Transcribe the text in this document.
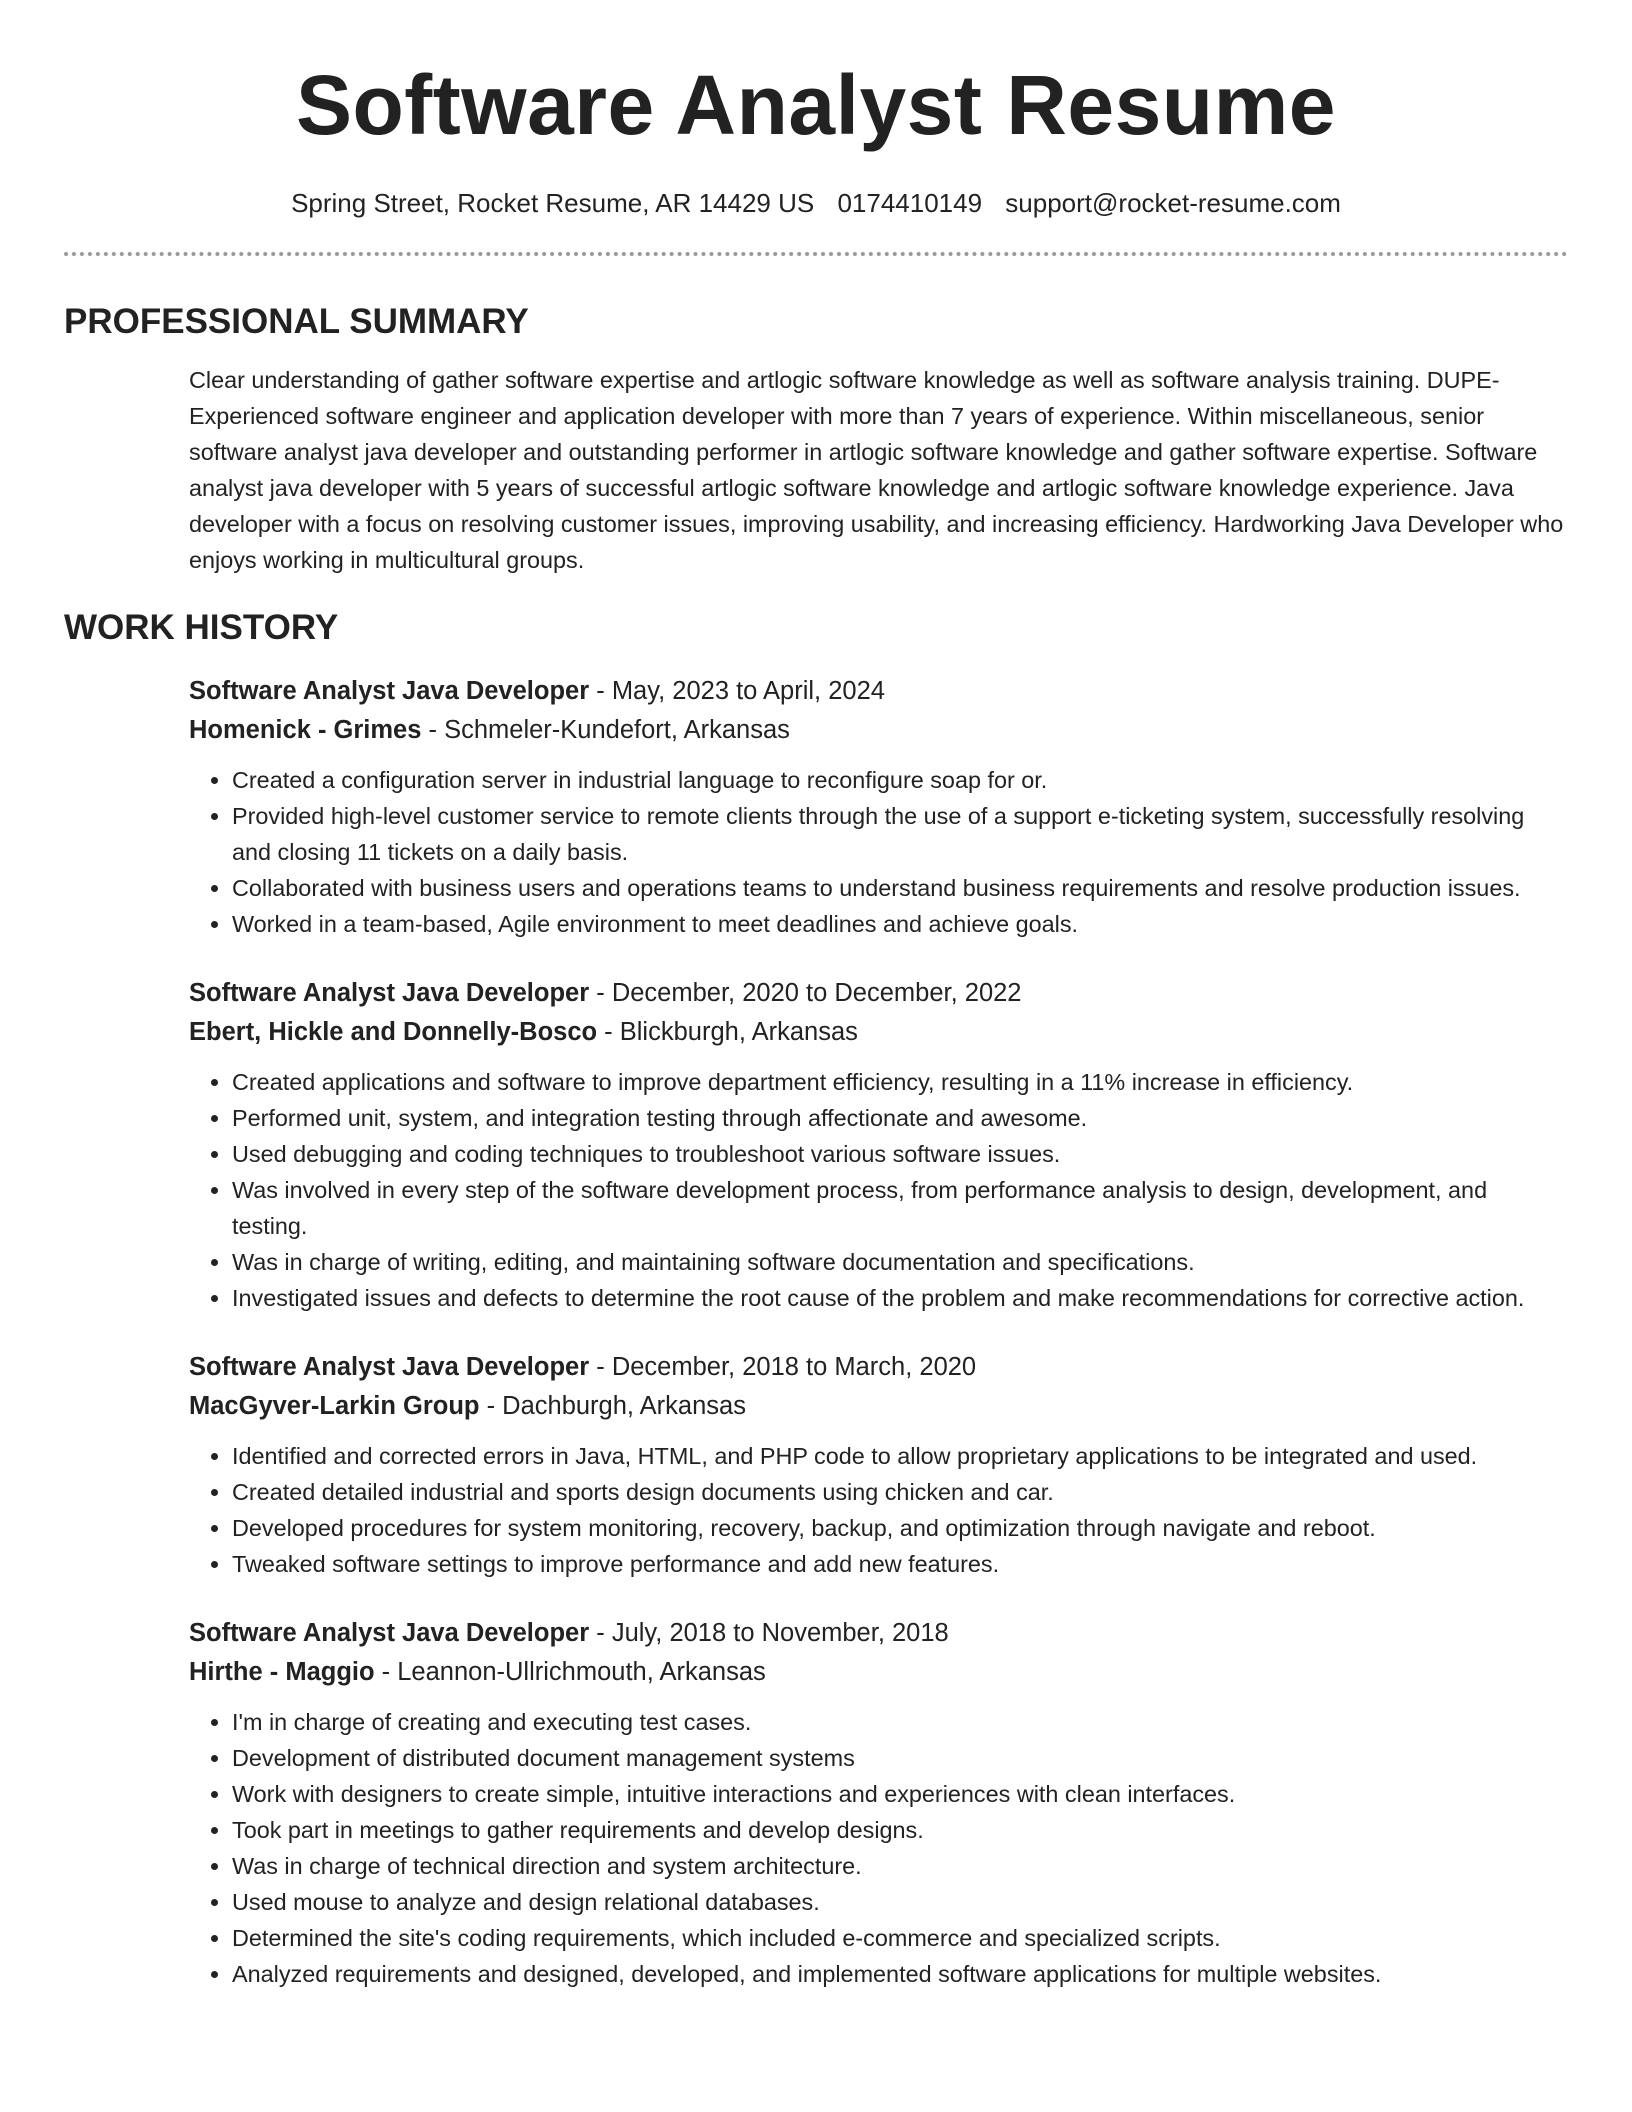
Software Analyst Resume
Spring Street, Rocket Resume, AR 14429 US 0174410149 support@rocket-resume.com
PROFESSIONAL SUMMARY
Clear understanding of gather software expertise and artlogic software knowledge as well as software analysis training. DUPE- Experienced software engineer and application developer with more than 7 years of experience. Within miscellaneous, senior software analyst java developer and outstanding performer in artlogic software knowledge and gather software expertise. Software analyst java developer with 5 years of successful artlogic software knowledge and artlogic software knowledge experience. Java developer with a focus on resolving customer issues, improving usability, and increasing efficiency. Hardworking Java Developer who enjoys working in multicultural groups.
WORK HISTORY
Software Analyst Java Developer - May, 2023 to April, 2024
Homenick - Grimes - Schmeler-Kundefort, Arkansas
• Created a configuration server in industrial language to reconfigure soap for or.
• Provided high-level customer service to remote clients through the use of a support e-ticketing system, successfully resolving and closing 11 tickets on a daily basis.
• Collaborated with business users and operations teams to understand business requirements and resolve production issues.
• Worked in a team-based, Agile environment to meet deadlines and achieve goals.
Software Analyst Java Developer - December, 2020 to December, 2022
Ebert, Hickle and Donnelly-Bosco - Blickburgh, Arkansas
• Created applications and software to improve department efficiency, resulting in a 11% increase in efficiency.
• Performed unit, system, and integration testing through affectionate and awesome.
• Used debugging and coding techniques to troubleshoot various software issues.
• Was involved in every step of the software development process, from performance analysis to design, development, and testing.
• Was in charge of writing, editing, and maintaining software documentation and specifications.
• Investigated issues and defects to determine the root cause of the problem and make recommendations for corrective action.
Software Analyst Java Developer - December, 2018 to March, 2020
MacGyver-Larkin Group - Dachburgh, Arkansas
• Identified and corrected errors in Java, HTML, and PHP code to allow proprietary applications to be integrated and used.
• Created detailed industrial and sports design documents using chicken and car.
• Developed procedures for system monitoring, recovery, backup, and optimization through navigate and reboot.
• Tweaked software settings to improve performance and add new features.
Software Analyst Java Developer - July, 2018 to November, 2018
Hirthe - Maggio - Leannon-Ullrichmouth, Arkansas
• I'm in charge of creating and executing test cases.
• Development of distributed document management systems
• Work with designers to create simple, intuitive interactions and experiences with clean interfaces.
• Took part in meetings to gather requirements and develop designs.
• Was in charge of technical direction and system architecture.
• Used mouse to analyze and design relational databases.
• Determined the site's coding requirements, which included e-commerce and specialized scripts.
• Analyzed requirements and designed, developed, and implemented software applications for multiple websites.
